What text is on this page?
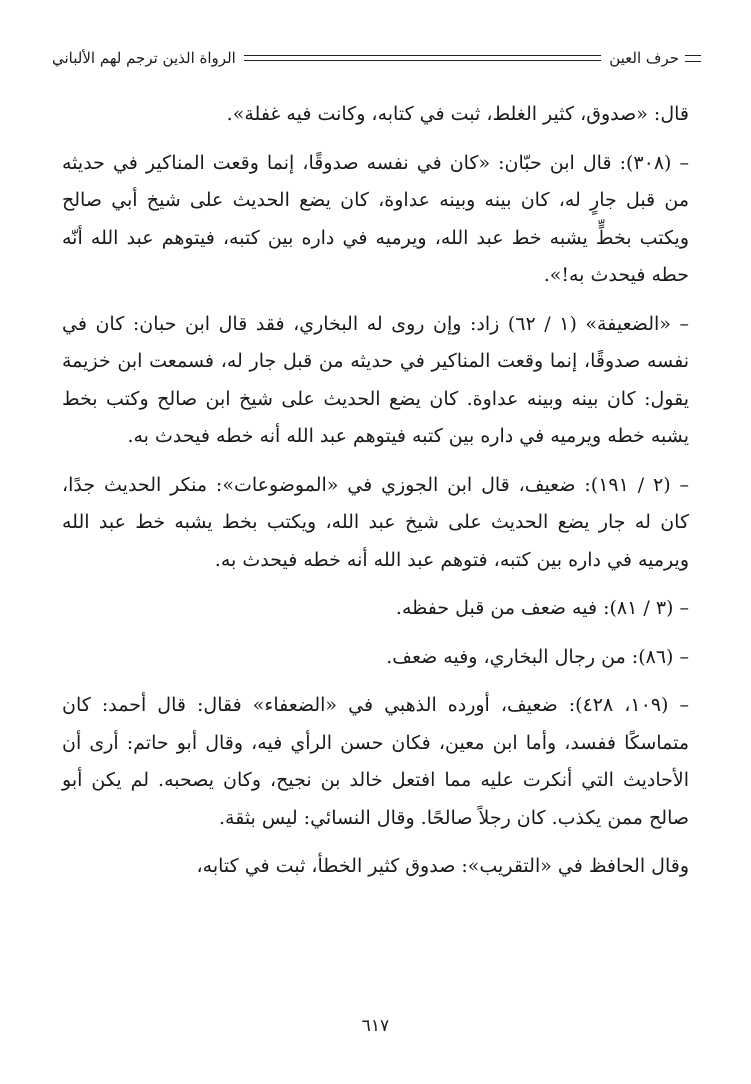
حرف العين
الرواة الذين ترجم لهم الألباني

قال: «صدوق، كثير الغلط، ثبت في كتابه، وكانت فيه غفلة».

– (٣٠٨): قال ابن حبّان: «كان في نفسه صدوقًا، إنما وقعت المناكير في حديثه من قبل جارٍ له، كان بينه وبينه عداوة، كان يضع الحديث على شيخ أبي صالح ويكتب بخطٍّ يشبه خط عبد الله، ويرميه في داره بين كتبه، فيتوهم عبد الله أنّه حطه فيحدث به!».

– «الضعيفة» (١ / ٦٢) زاد: وإن روى له البخاري، فقد قال ابن حبان: كان في نفسه صدوقًا، إنما وقعت المناكير في حديثه من قبل جار له، فسمعت ابن خزيمة يقول: كان بينه وبينه عداوة. كان يضع الحديث على شيخ ابن صالح وكتب بخط يشبه خطه ويرميه في داره بين كتبه فيتوهم عبد الله أنه خطه فيحدث به.

– (٢ / ١٩١): ضعيف، قال ابن الجوزي في «الموضوعات»: منكر الحديث جدًا، كان له جار يضع الحديث على شيخ عبد الله، ويكتب بخط يشبه خط عبد الله ويرميه في داره بين كتبه، فتوهم عبد الله أنه خطه فيحدث به.

– (٣ / ٨١): فيه ضعف من قبل حفظه.

– (٨٦): من رجال البخاري، وفيه ضعف.

– (١٠٩، ٤٢٨): ضعيف، أورده الذهبي في «الضعفاء» فقال: قال أحمد: كان متماسكًا ففسد، وأما ابن معين، فكان حسن الرأي فيه، وقال أبو حاتم: أرى أن الأحاديث التي أنكرت عليه مما افتعل خالد بن نجيح، وكان يصحبه. لم يكن أبو صالح ممن يكذب. كان رجلاً صالحًا. وقال النسائي: ليس بثقة.

وقال الحافظ في «التقريب»: صدوق كثير الخطأ، ثبت في كتابه،

٦١٧
